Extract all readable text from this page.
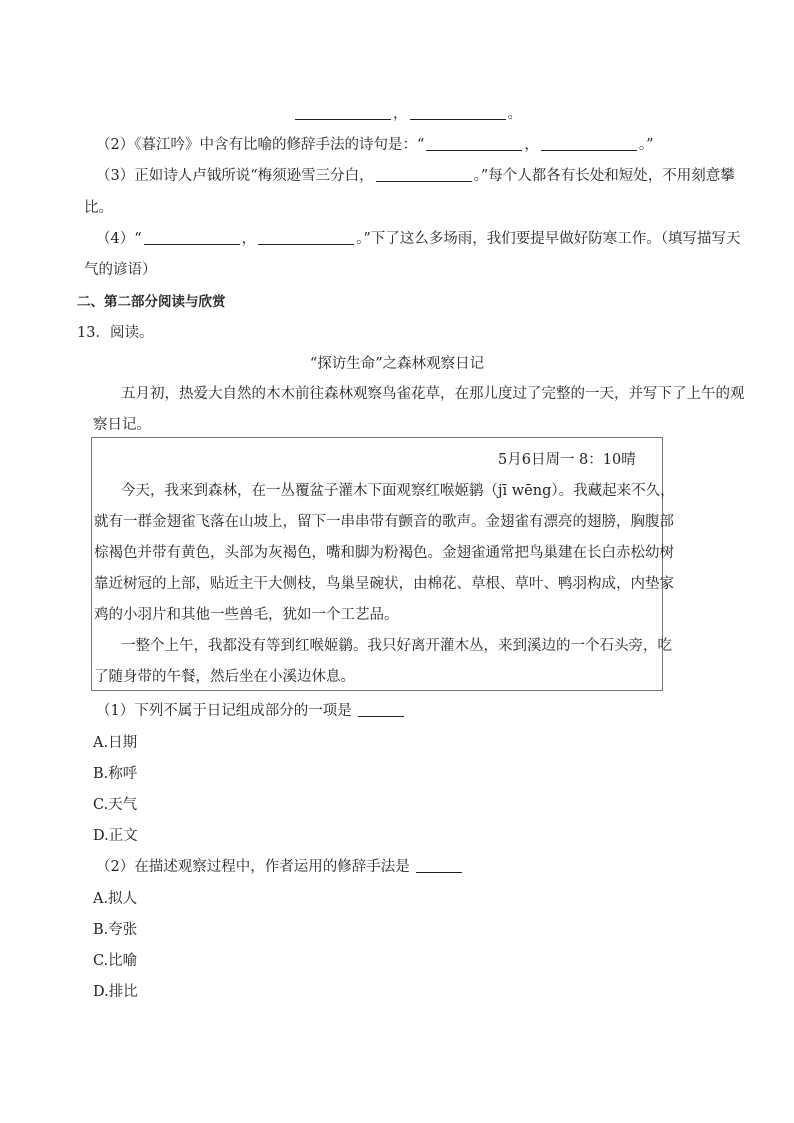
，	。
（2）《暮江吟》中含有比喻的修辞手法的诗句是：“	，	。”
（3）正如诗人卢钺所说“梅须逊雪三分白，	。”每个人都各有长处和短处，不用刻意攀
比。
（4）“	，	。”下了这么多场雨，我们要提早做好防寒工作。（填写描写天
气的谚语）
二、第二部分阅读与欣赏
13．阅读。
“探访生命”之森林观察日记
五月初，热爱大自然的木木前往森林观察鸟雀花草，在那儿度过了完整的一天，并写下了上午的观
察日记。
5月6日周一 8：10晴
今天，我来到森林，在一丛覆盆子灌木下面观察红喉姬鹟（jī wēng）。我藏起来不久，
就有一群金翅雀飞落在山坡上，留下一串串带有颤音的歌声。金翅雀有漂亮的翅膀，胸腹部
棕褐色并带有黄色，头部为灰褐色，嘴和脚为粉褐色。金翅雀通常把鸟巢建在长白赤松幼树
靠近树冠的上部，贴近主干大侧枝，鸟巢呈碗状，由棉花、草根、草叶、鸭羽构成，内垫家
鸡的小羽片和其他一些兽毛，犹如一个工艺品。
一整个上午，我都没有等到红喉姬鹟。我只好离开灌木丛，来到溪边的一个石头旁，吃
了随身带的午餐，然后坐在小溪边休息。
（1）下列不属于日记组成部分的一项是
A.日期
B.称呼
C.天气
D.正文
（2）在描述观察过程中，作者运用的修辞手法是
A.拟人
B.夸张
C.比喻
D.排比
